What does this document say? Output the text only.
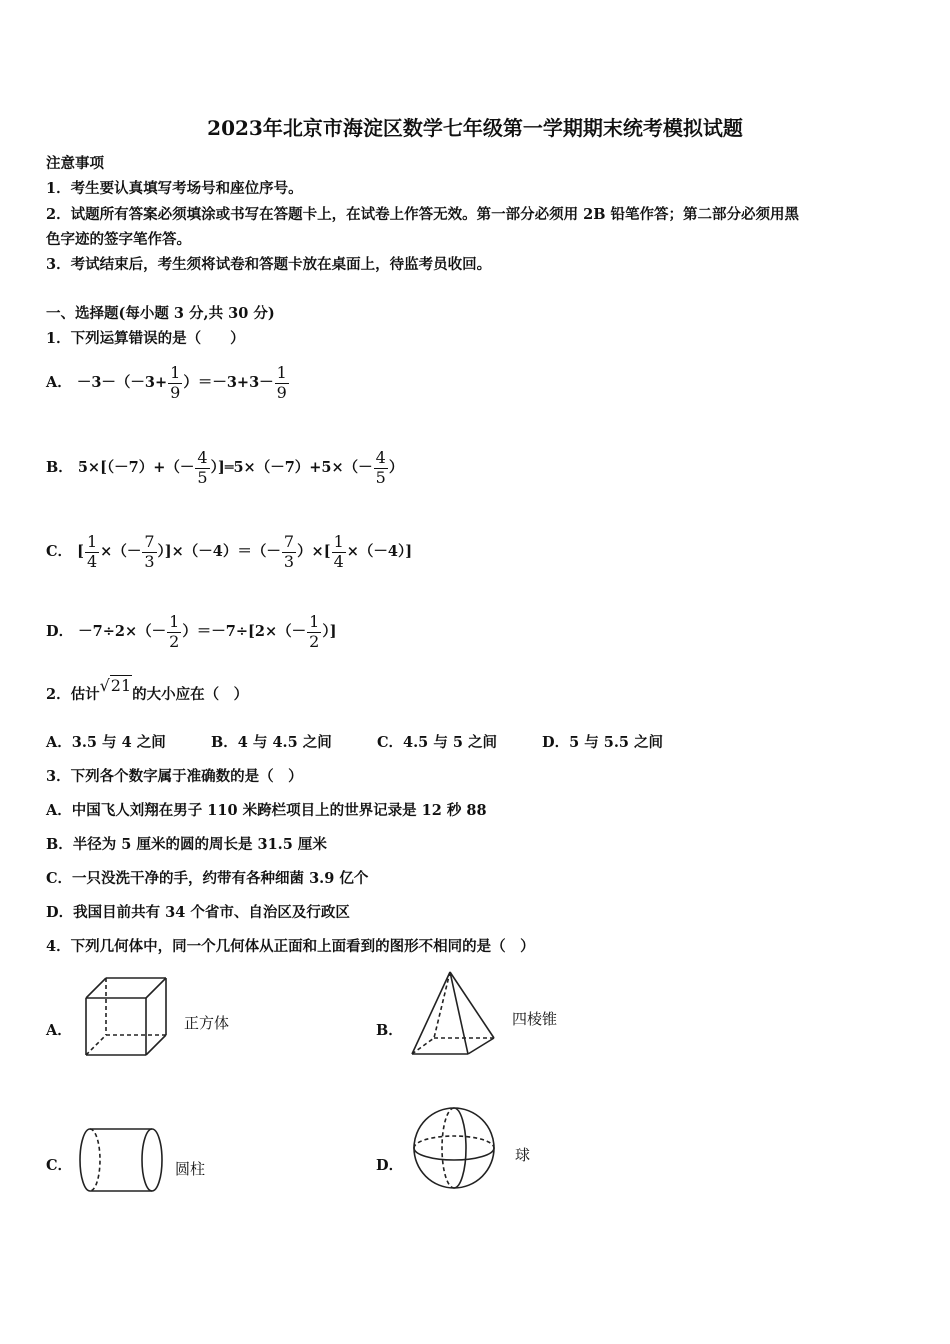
2023年北京市海淀区数学七年级第一学期期末统考模拟试题
注意事项
1．考生要认真填写考场号和座位序号。
2．试题所有答案必须填涂或书写在答题卡上，在试卷上作答无效。第一部分必须用 2B 铅笔作答；第二部分必须用黑
色字迹的签字笔作答。
3．考试结束后，考生须将试卷和答题卡放在桌面上，待监考员收回。
一、选择题(每小题 3 分,共 30 分)
1．下列运算错误的是（　　）
A． $-3-(-3+ \frac{1}{9} )=-3+3- \frac{1}{9}$
B． $5\times[(-7)+(- \frac{4}{5}$ ）]═5×（－7）+5×（－ $\frac{4}{5}$ ）
C． [ $\frac{1}{4}$ ×（－ $\frac{7}{3} )]\times(-4)=(- \frac{7}{3}$ ）×[ $\frac{1}{4} \times(-4)$]
D． $-7\div 2\times(- \frac{1}{2} )=-7\div[2\times(- \frac{1}{2}$ ）]
2．估计√21的大小应在（　）
A．3.5 与 4 之间	B．4 与 4.5 之间	C．4.5 与 5 之间	D．5 与 5.5 之间
3．下列各个数字属于准确数的是（　）
A．中国飞人刘翔在男子 110 米跨栏项目上的世界记录是 12 秒 88
B．半径为 5 厘米的圆的周长是 31.5 厘米
C．一只没洗干净的手，约带有各种细菌 3.9 亿个
D．我国目前共有 34 个省市、自治区及行政区
4．下列几何体中，同一个几何体从正面和上面看到的图形不相同的是（　）
A．	正方体	B．
四棱锥
C．	圆柱	D．
球
